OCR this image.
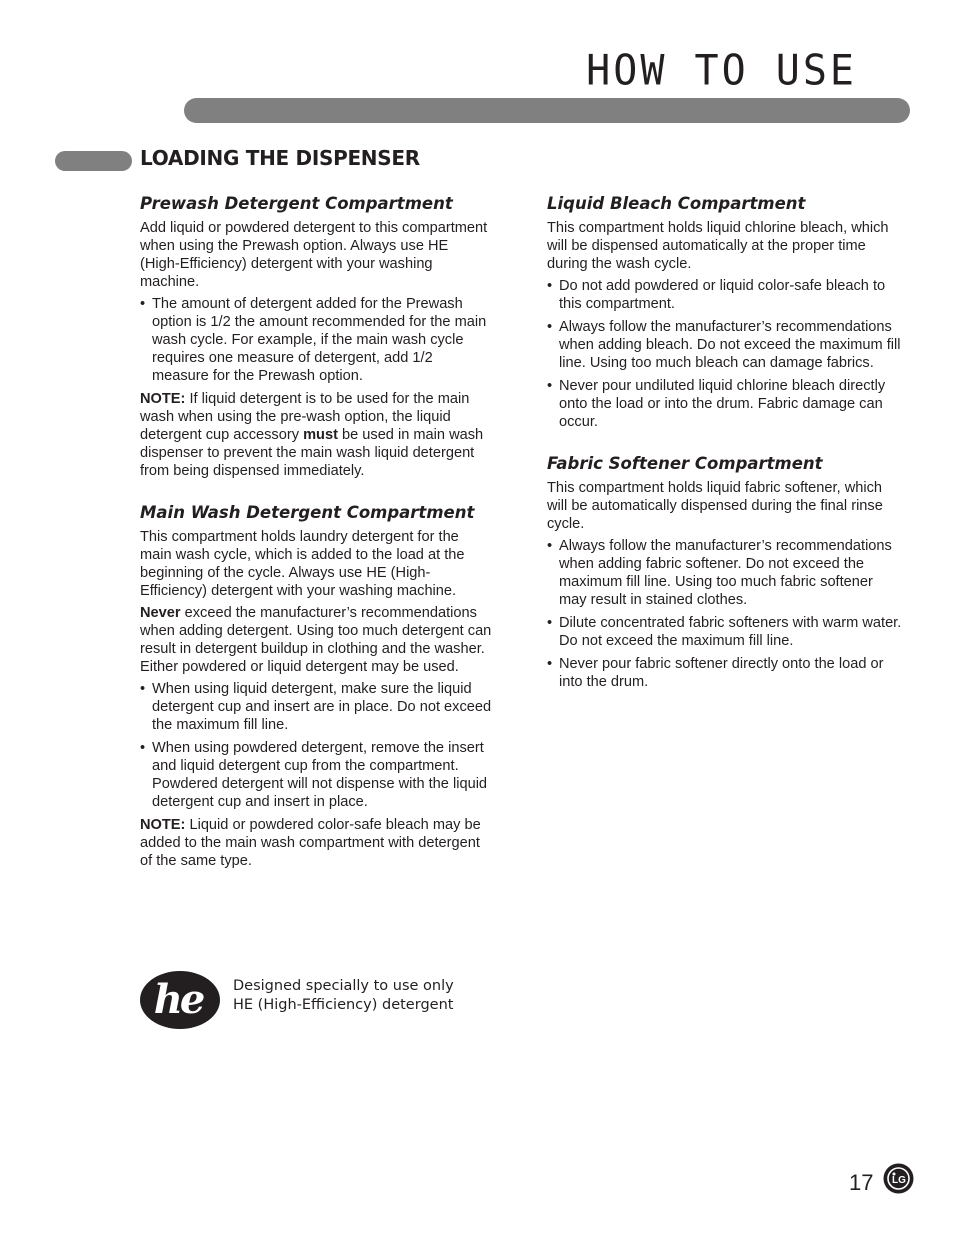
HOW TO USE
LOADING THE DISPENSER
Prewash Detergent Compartment

Add liquid or powdered detergent to this compartment when using the Prewash option. Always use HE (High-Efficiency) detergent with your washing machine.

• The amount of detergent added for the Prewash option is 1/2 the amount recommended for the main wash cycle. For example, if the main wash cycle requires one measure of detergent, add 1/2 measure for the Prewash option.

NOTE: If liquid detergent is to be used for the main wash when using the pre-wash option, the liquid detergent cup accessory must be used in main wash dispenser to prevent the main wash liquid detergent from being dispensed immediately.

Main Wash Detergent Compartment

This compartment holds laundry detergent for the main wash cycle, which is added to the load at the beginning of the cycle. Always use HE (High-Efficiency) detergent with your washing machine.

Never exceed the manufacturer’s recommendations when adding detergent. Using too much detergent can result in detergent buildup in clothing and the washer. Either powdered or liquid detergent may be used.

• When using liquid detergent, make sure the liquid detergent cup and insert are in place. Do not exceed the maximum fill line.
• When using powdered detergent, remove the insert and liquid detergent cup from the compartment. Powdered detergent will not dispense with the liquid detergent cup and insert in place.

NOTE: Liquid or powdered color-safe bleach may be added to the main wash compartment with detergent of the same type.

Liquid Bleach Compartment

This compartment holds liquid chlorine bleach, which will be dispensed automatically at the proper time during the wash cycle.

• Do not add powdered or liquid color-safe bleach to this compartment.
• Always follow the manufacturer’s recommendations when adding bleach. Do not exceed the maximum fill line. Using too much bleach can damage fabrics.
• Never pour undiluted liquid chlorine bleach directly onto the load or into the drum. Fabric damage can occur.
Fabric Softener Compartment

This compartment holds liquid fabric softener, which will be automatically dispensed during the final rinse cycle.

• Always follow the manufacturer’s recommendations when adding fabric softener. Do not exceed the maximum fill line. Using too much fabric softener may result in stained clothes.
• Dilute concentrated fabric softeners with warm water. Do not exceed the maximum fill line.
• Never pour fabric softener directly onto the load or into the drum.
he Designed specially to use only
HE (High-Efficiency) detergent
17 LG
